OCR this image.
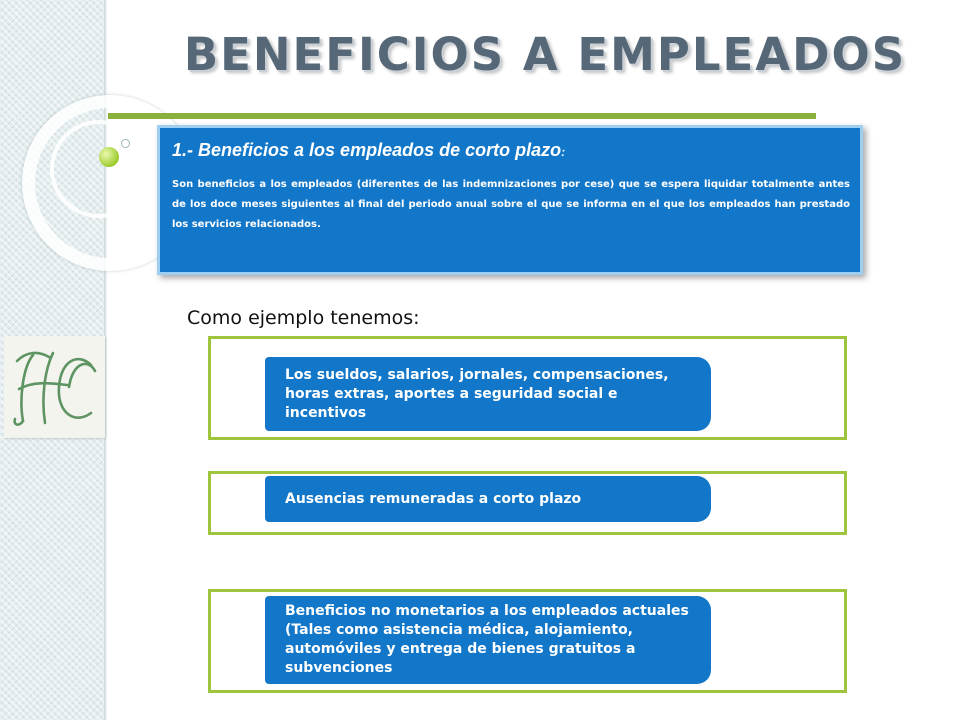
BENEFICIOS A EMPLEADOS

1.- Beneficios a los empleados de corto plazo:

Son beneficios a los empleados (diferentes de las indemnizaciones por cese) que se espera liquidar totalmente antes de los doce meses siguientes al final del periodo anual sobre el que se informa en el que los empleados han prestado los servicios relacionados.

Como ejemplo tenemos:

Los sueldos, salarios, jornales, compensaciones, horas extras, aportes a seguridad social e incentivos
Ausencias remuneradas a corto plazo
Beneficios no monetarios a los empleados actuales (Tales como asistencia médica, alojamiento, automóviles y entrega de bienes gratuitos a subvenciones
